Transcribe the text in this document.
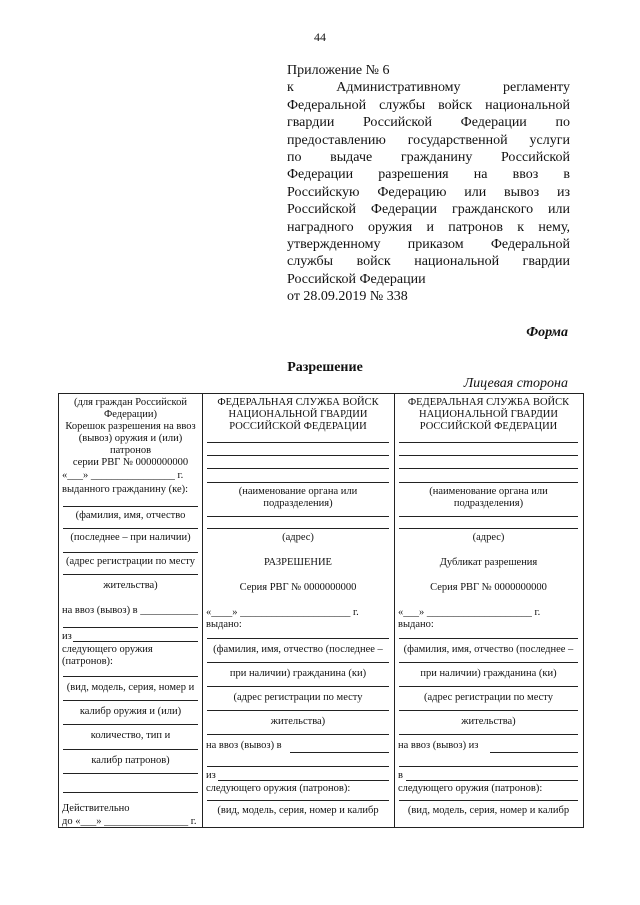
44
Приложение № 6
к Административному регламенту
Федеральной службы войск национальной
гвардии Российской Федерации по
предоставлению государственной услуги
по выдаче гражданину Российской
Федерации разрешения на ввоз в
Российскую Федерацию или вывоз из
Российской Федерации гражданского или
наградного оружия и патронов к нему,
утвержденному приказом Федеральной
службы войск национальной гвардии
Российской Федерации
от 28.09.2019 № 338
Форма
Разрешение
Лицевая сторона
(для граждан Российской
Федерации)
Корешок разрешения на ввоз
(вывоз) оружия и (или)
патронов
серии РВГ № 0000000000
«___» ________________ г.
выданного гражданину (ке):
(фамилия, имя, отчество
(последнее – при наличии)
(адрес регистрации по месту
жительства)
на ввоз (вывоз) в ___________
из
следующего оружия
(патронов):
(вид, модель, серия, номер и
калибр оружия и (или)
количество, тип и
калибр патронов)
Действительно
до «___» ________________ г.
ФЕДЕРАЛЬНАЯ СЛУЖБА ВОЙСК
НАЦИОНАЛЬНОЙ ГВАРДИИ
РОССИЙСКОЙ ФЕДЕРАЦИИ
(наименование органа или
подразделения)
(адрес)
РАЗРЕШЕНИЕ
Серия РВГ № 0000000000
«____» _____________________ г.
выдано:
(фамилия, имя, отчество (последнее –
при наличии) гражданина (ки)
(адрес регистрации по месту
жительства)
на ввоз (вывоз) в
из
следующего оружия (патронов):
(вид, модель, серия, номер и калибр
ФЕДЕРАЛЬНАЯ СЛУЖБА ВОЙСК
НАЦИОНАЛЬНОЙ ГВАРДИИ
РОССИЙСКОЙ ФЕДЕРАЦИИ
(наименование органа или
подразделения)
(адрес)
Дубликат разрешения
Серия РВГ № 0000000000
«___» ____________________ г.
выдано:
(фамилия, имя, отчество (последнее –
при наличии) гражданина (ки)
(адрес регистрации по месту
жительства)
на ввоз (вывоз) из
в
следующего оружия (патронов):
(вид, модель, серия, номер и калибр
